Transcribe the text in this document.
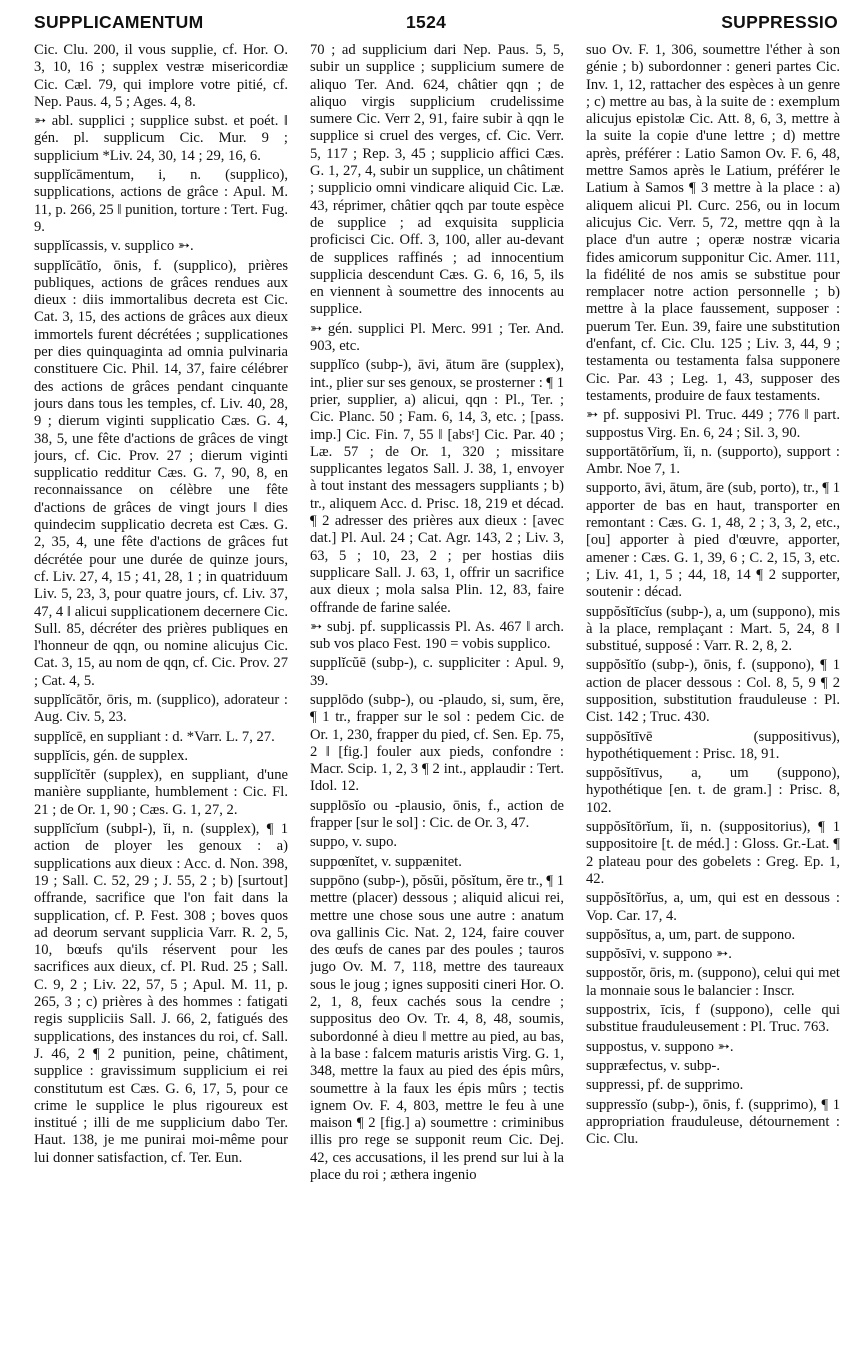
SUPPLICAMENTUM	1524	SUPPRESSIO

Cic. Clu. 200, il vous supplie, cf. Hor. O. 3, 10, 16 ; supplex vestræ misericordiæ Cic. Cæl. 79, qui implore votre pitié, cf. Nep. Paus. 4, 5 ; Ages. 4, 8.

➳ abl. supplici ; supplice subst. et poét. ‖ gén. pl. supplicum Cic. Mur. 9 ; supplicium *Liv. 24, 30, 14 ; 29, 16, 6.

supplĭcāmentum, i, n. (supplico), supplications, actions de grâce : Apul. M. 11, p. 266, 25 ‖ punition, torture : Tert. Fug. 9.

supplĭcassis, v. supplico ➳.

supplĭcātĭo, ōnis, f. (supplico), prières publiques, actions de grâces rendues aux dieux : diis immortalibus decreta est Cic. Cat. 3, 15, des actions de grâces aux dieux immortels furent décrétées ; supplicationes per dies quinquaginta ad omnia pulvinaria constituere Cic. Phil. 14, 37, faire célébrer des actions de grâces pendant cinquante jours dans tous les temples, cf. Liv. 40, 28, 9 ; dierum viginti supplicatio Cæs. G. 4, 38, 5, une fête d'actions de grâces de vingt jours, cf. Cic. Prov. 27 ; dierum viginti supplicatio redditur Cæs. G. 7, 90, 8, en reconnaissance on célèbre une fête d'actions de grâces de vingt jours ‖ dies quindecim supplicatio decreta est Cæs. G. 2, 35, 4, une fête d'actions de grâces fut décrétée pour une durée de quinze jours, cf. Liv. 27, 4, 15 ; 41, 28, 1 ; in quatriduum Liv. 5, 23, 3, pour quatre jours, cf. Liv. 37, 47, 4 ‖ alicui supplicationem decernere Cic. Sull. 85, décréter des prières publiques en l'honneur de qqn, ou nomine alicujus Cic. Cat. 3, 15, au nom de qqn, cf. Cic. Prov. 27 ; Cat. 4, 5.

supplĭcātŏr, ōris, m. (supplico), adorateur : Aug. Civ. 5, 23.

supplĭcē, en suppliant : d. *Varr. L. 7, 27.

supplĭcis, gén. de supplex.

supplĭcĭtĕr (supplex), en suppliant, d'une manière suppliante, humblement : Cic. Fl. 21 ; de Or. 1, 90 ; Cæs. G. 1, 27, 2.

supplĭcĭum (subpl-), ĭi, n. (supplex), ¶ 1 action de ployer les genoux : a) supplications aux dieux : Acc. d. Non. 398, 19 ; Sall. C. 52, 29 ; J. 55, 2 ; b) [surtout] offrande, sacrifice que l'on fait dans la supplication, cf. P. Fest. 308 ; boves quos ad deorum servant supplicia Varr. R. 2, 5, 10, bœufs qu'ils réservent pour les sacrifices aux dieux, cf. Pl. Rud. 25 ; Sall. C. 9, 2 ; Liv. 22, 57, 5 ; Apul. M. 11, p. 265, 3 ; c) prières à des hommes : fatigati regis suppliciis Sall. J. 66, 2, fatigués des supplications, des instances du roi, cf. Sall. J. 46, 2 ¶ 2 punition, peine, châtiment, supplice : gravissimum supplicium ei rei constitutum est Cæs. G. 6, 17, 5, pour ce crime le supplice le plus rigoureux est institué ; illi de me supplicium dabo Ter. Haut. 138, je me punirai moi-même pour lui donner satisfaction, cf. Ter. Eun.

70 ; ad supplicium dari Nep. Paus. 5, 5, subir un supplice ; supplicium sumere de aliquo Ter. And. 624, châtier qqn ; de aliquo virgis supplicium crudelissime sumere Cic. Verr 2, 91, faire subir à qqn le supplice si cruel des verges, cf. Cic. Verr. 5, 117 ; Rep. 3, 45 ; supplicio affici Cæs. G. 1, 27, 4, subir un supplice, un châtiment ; supplicio omni vindicare aliquid Cic. Læ. 43, réprimer, châtier qqch par toute espèce de supplice ; ad exquisita supplicia proficisci Cic. Off. 3, 100, aller au-devant de supplices raffinés ; ad innocentium supplicia descendunt Cæs. G. 6, 16, 5, ils en viennent à soumettre des innocents au supplice.

➳ gén. supplici Pl. Merc. 991 ; Ter. And. 903, etc.

supplĭco (subp-), āvi, ātum āre (supplex), int., plier sur ses genoux, se prosterner : ¶ 1 prier, supplier, a) alicui, qqn : Pl., Ter. ; Cic. Planc. 50 ; Fam. 6, 14, 3, etc. ; [pass. imp.] Cic. Fin. 7, 55 ‖ [absᵗ] Cic. Par. 40 ; Læ. 57 ; de Or. 1, 320 ; missitare supplicantes legatos Sall. J. 38, 1, envoyer à tout instant des messagers suppliants ; b) tr., aliquem Acc. d. Prisc. 18, 219 et décad. ¶ 2 adresser des prières aux dieux : [avec dat.] Pl. Aul. 24 ; Cat. Agr. 143, 2 ; Liv. 3, 63, 5 ; 10, 23, 2 ; per hostias diis supplicare Sall. J. 63, 1, offrir un sacrifice aux dieux ; mola salsa Plin. 12, 83, faire offrande de farine salée.

➳ subj. pf. supplicassis Pl. As. 467 ‖ arch. sub vos placo Fest. 190 = vobis supplico.

supplĭcŭē (subp-), c. suppliciter : Apul. 9, 39.

supplōdo (subp-), ou -plaudo, si, sum, ĕre, ¶ 1 tr., frapper sur le sol : pedem Cic. de Or. 1, 230, frapper du pied, cf. Sen. Ep. 75, 2 ‖ [fig.] fouler aux pieds, confondre : Macr. Scip. 1, 2, 3 ¶ 2 int., applaudir : Tert. Idol. 12.

supplōsĭo ou -plausio, ōnis, f., action de frapper [sur le sol] : Cic. de Or. 3, 47.

suppo, v. supo.

suppœnĭtet, v. suppænitet.

suppōno (subp-), pŏsŭi, pŏsĭtum, ĕre tr., ¶ 1 mettre (placer) dessous ; aliquid alicui rei, mettre une chose sous une autre : anatum ova gallinis Cic. Nat. 2, 124, faire couver des œufs de canes par des poules ; tauros jugo Ov. M. 7, 118, mettre des taureaux sous le joug ; ignes suppositi cineri Hor. O. 2, 1, 8, feux cachés sous la cendre ; suppositus deo Ov. Tr. 4, 8, 48, soumis, subordonné à dieu ‖ mettre au pied, au bas, à la base : falcem maturis aristis Virg. G. 1, 348, mettre la faux au pied des épis mûrs, soumettre à la faux les épis mûrs ; tectis ignem Ov. F. 4, 803, mettre le feu à une maison ¶ 2 [fig.] a) soumettre : criminibus illis pro rege se supponit reum Cic. Dej. 42, ces accusations, il les prend sur lui à la place du roi ; æthera ingenio

suo Ov. F. 1, 306, soumettre l'éther à son génie ; b) subordonner : generi partes Cic. Inv. 1, 12, rattacher des espèces à un genre ; c) mettre au bas, à la suite de : exemplum alicujus epistolæ Cic. Att. 8, 6, 3, mettre à la suite la copie d'une lettre ; d) mettre après, préférer : Latio Samon Ov. F. 6, 48, mettre Samos après le Latium, préférer le Latium à Samos ¶ 3 mettre à la place : a) aliquem alicui Pl. Curc. 256, ou in locum alicujus Cic. Verr. 5, 72, mettre qqn à la place d'un autre ; operæ nostræ vicaria fides amicorum supponitur Cic. Amer. 111, la fidélité de nos amis se substitue pour remplacer notre action personnelle ; b) mettre à la place faussement, supposer : puerum Ter. Eun. 39, faire une substitution d'enfant, cf. Cic. Clu. 125 ; Liv. 3, 44, 9 ; testamenta ou testamenta falsa supponere Cic. Par. 43 ; Leg. 1, 43, supposer des testaments, produire de faux testaments.

➳ pf. supposivi Pl. Truc. 449 ; 776 ‖ part. suppostus Virg. En. 6, 24 ; Sil. 3, 90.

supportātōrĭum, ĭi, n. (supporto), support : Ambr. Noe 7, 1.

supporto, āvi, ātum, āre (sub, porto), tr., ¶ 1 apporter de bas en haut, transporter en remontant : Cæs. G. 1, 48, 2 ; 3, 3, 2, etc., [ou] apporter à pied d'œuvre, apporter, amener : Cæs. G. 1, 39, 6 ; C. 2, 15, 3, etc. ; Liv. 41, 1, 5 ; 44, 18, 14 ¶ 2 supporter, soutenir : décad.

suppŏsĭtīcĭus (subp-), a, um (suppono), mis à la place, remplaçant : Mart. 5, 24, 8 ‖ substitué, supposé : Varr. R. 2, 8, 2.

suppŏsĭtĭo (subp-), ōnis, f. (suppono), ¶ 1 action de placer dessous : Col. 8, 5, 9 ¶ 2 supposition, substitution frauduleuse : Pl. Cist. 142 ; Truc. 430.

suppŏsĭtīvē (suppositivus), hypothétiquement : Prisc. 18, 91.

suppŏsĭtīvus, a, um (suppono), hypothétique [en. t. de gram.] : Prisc. 8, 102.

suppŏsĭtōrĭum, ĭi, n. (suppositorius), ¶ 1 suppositoire [t. de méd.] : Gloss. Gr.-Lat. ¶ 2 plateau pour des gobelets : Greg. Ep. 1, 42.

suppŏsĭtōrĭus, a, um, qui est en dessous : Vop. Car. 17, 4.

suppŏsĭtus, a, um, part. de suppono.

suppŏsīvi, v. suppono ➳.

suppostŏr, ōris, m. (suppono), celui qui met la monnaie sous le balancier : Inscr.

suppostrix, īcis, f (suppono), celle qui substitue frauduleusement : Pl. Truc. 763.

suppostus, v. suppono ➳.

suppræfectus, v. subp-.

suppressi, pf. de supprimo.

suppressĭo (subp-), ōnis, f. (supprimo), ¶ 1 appropriation frauduleuse, détournement : Cic. Clu.
